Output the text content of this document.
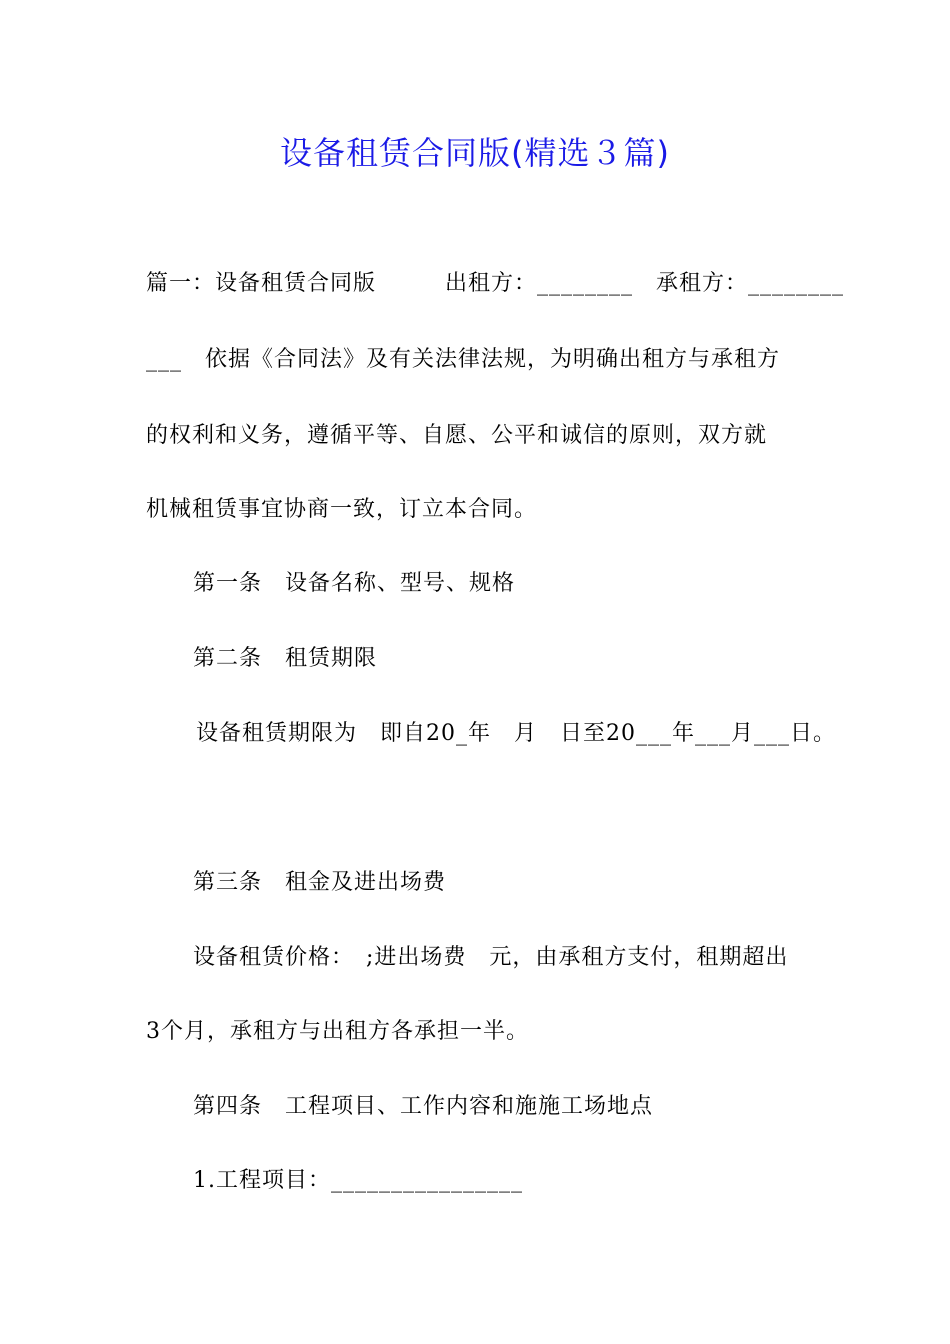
设备租赁合同版(精选３篇)
篇一：设备租赁合同版　　　出租方：________　承租方：________
___　依据《合同法》及有关法律法规，为明确出租方与承租方
的权利和义务，遵循平等、自愿、公平和诚信的原则，双方就
机械租赁事宜协商一致，订立本合同。
第一条　设备名称、型号、规格
第二条　租赁期限
设备租赁期限为　即自20_年　月　日至20___年___月___日。
第三条　租金及进出场费
设备租赁价格：　;进出场费　元，由承租方支付，租期超出
3个月，承租方与出租方各承担一半。
第四条　工程项目、工作内容和施施工场地点
1.工程项目：________________
